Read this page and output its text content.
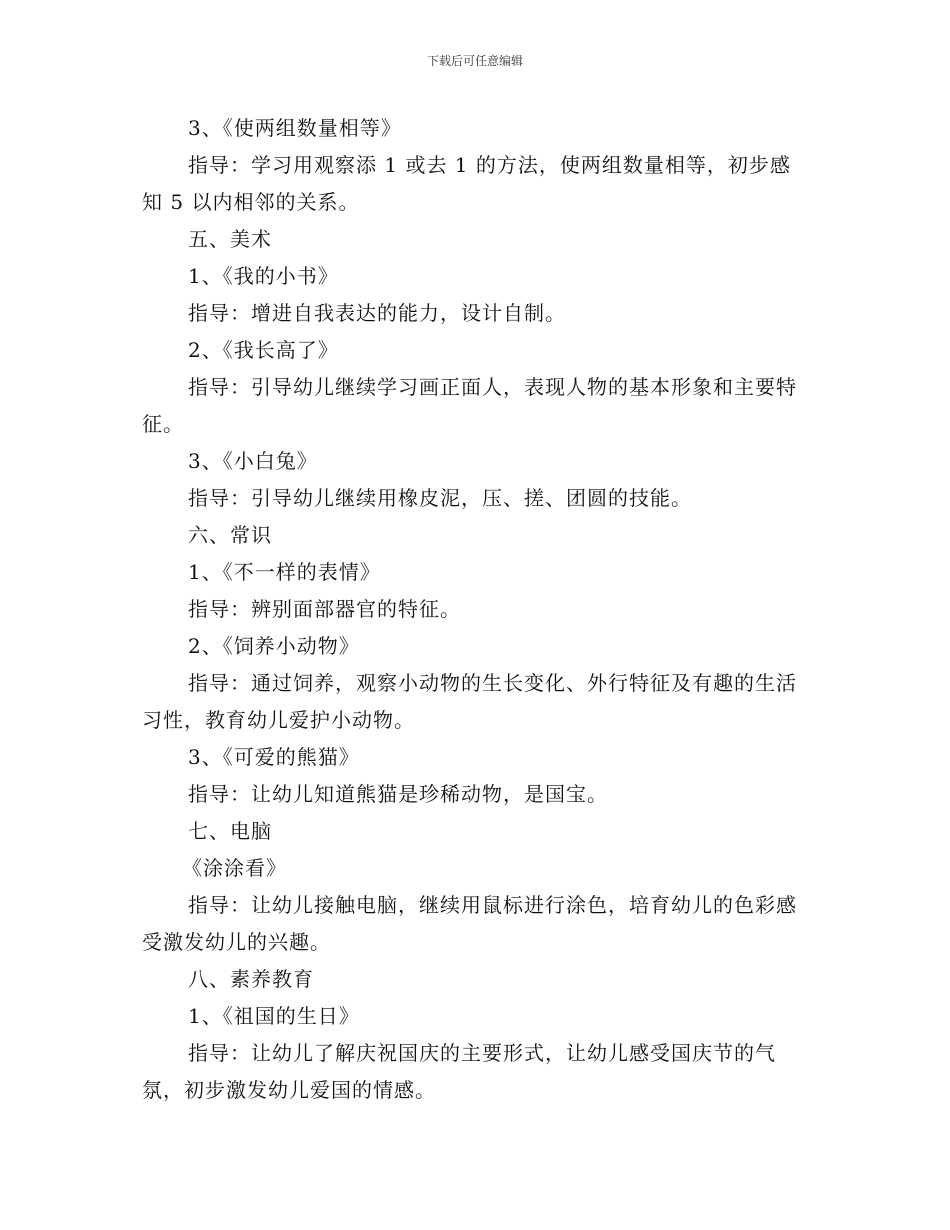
下载后可任意编辑

3、《使两组数量相等》

指导：学习用观察添 1 或去 1 的方法，使两组数量相等，初步感知 5 以内相邻的关系。

五、美术

1、《我的小书》

指导：增进自我表达的能力，设计自制。

2、《我长高了》

指导：引导幼儿继续学习画正面人，表现人物的基本形象和主要特征。

3、《小白兔》

指导：引导幼儿继续用橡皮泥，压、搓、团圆的技能。

六、常识

1、《不一样的表情》

指导：辨别面部器官的特征。

2、《饲养小动物》

指导：通过饲养，观察小动物的生长变化、外行特征及有趣的生活习性，教育幼儿爱护小动物。

3、《可爱的熊猫》

指导：让幼儿知道熊猫是珍稀动物，是国宝。

七、电脑

《涂涂看》

指导：让幼儿接触电脑，继续用鼠标进行涂色，培育幼儿的色彩感受激发幼儿的兴趣。

八、素养教育

1、《祖国的生日》

指导：让幼儿了解庆祝国庆的主要形式，让幼儿感受国庆节的气氛，初步激发幼儿爱国的情感。
